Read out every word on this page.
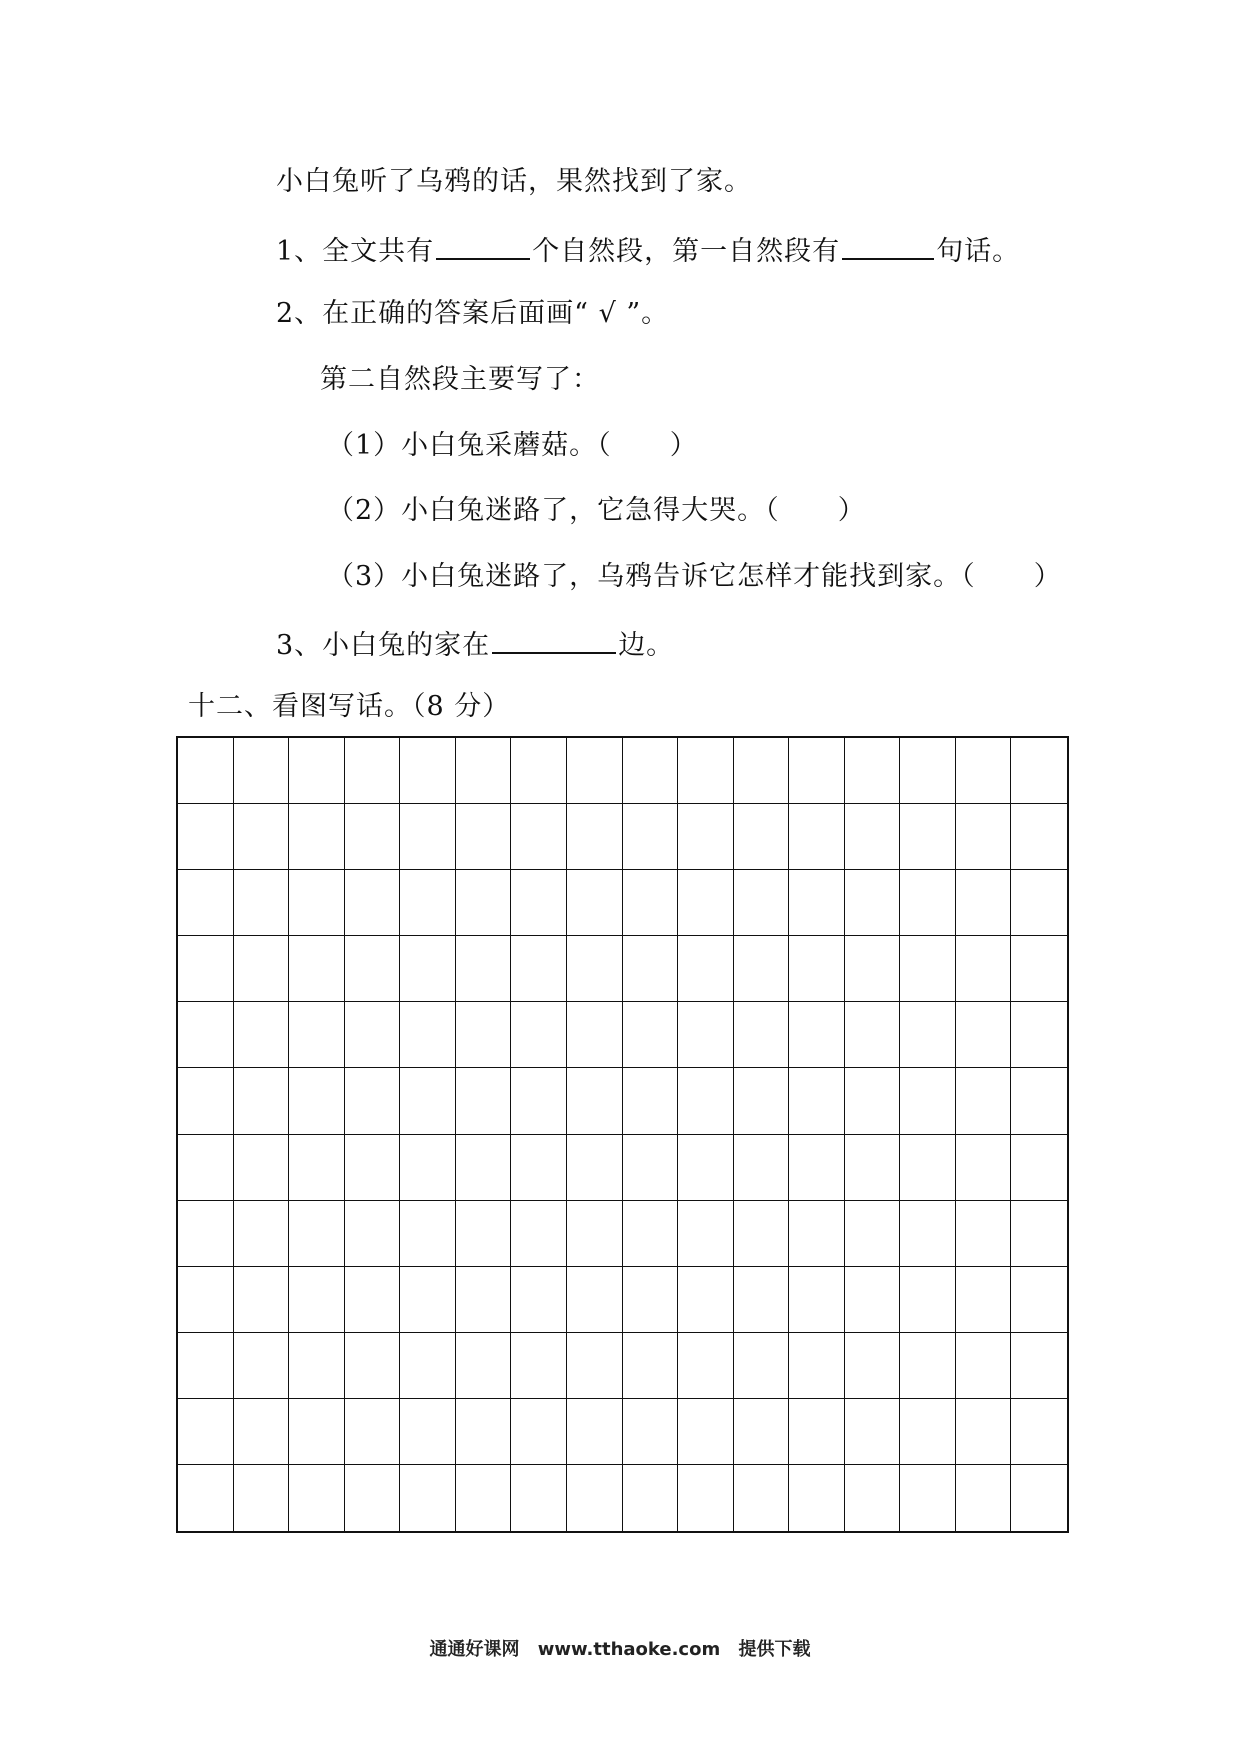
小白兔听了乌鸦的话，果然找到了家。
1、全文共有	个自然段，第一自然段有	句话。
2、在正确的答案后面画“ √ ”。
第二自然段主要写了：
（1）小白兔采蘑菇。（ ）
（2）小白兔迷路了，它急得大哭。（ ）
（3）小白兔迷路了，乌鸦告诉它怎样才能找到家。（ ）
3、小白兔的家在	边。
十二、看图写话。（8 分）
通通好课网 www.tthaoke.com 提供下载
